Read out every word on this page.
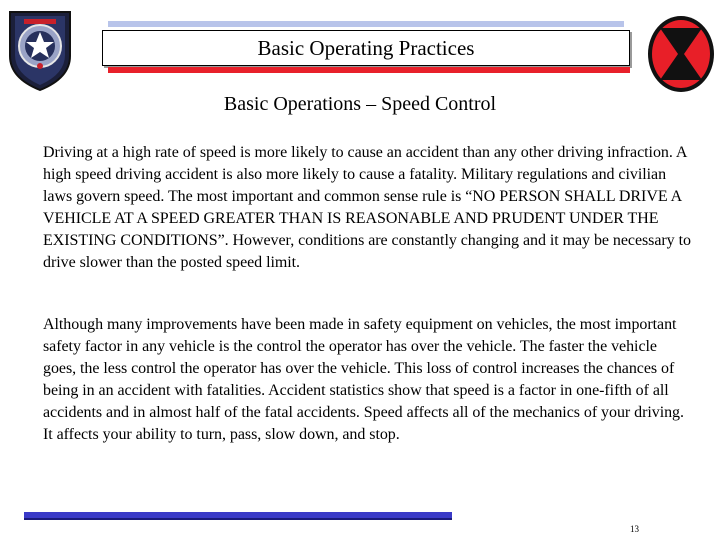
Basic Operating Practices
Basic Operations – Speed Control

Driving at a high rate of speed is more likely to cause an accident than any other driving infraction. A high speed driving accident is also more likely to cause a fatality. Military regulations and civilian laws govern speed. The most important and common sense rule is “NO PERSON SHALL DRIVE A VEHICLE AT A SPEED GREATER THAN IS REASONABLE AND PRUDENT UNDER THE EXISTING CONDITIONS”. However, conditions are constantly changing and it may be necessary to drive slower than the posted speed limit.

Although many improvements have been made in safety equipment on vehicles, the most important safety factor in any vehicle is the control the operator has over the vehicle. The faster the vehicle goes, the less control the operator has over the vehicle. This loss of control increases the chances of being in an accident with fatalities. Accident statistics show that speed is a factor in one-fifth of all accidents and in almost half of the fatal accidents. Speed affects all of the mechanics of your driving. It affects your ability to turn, pass, slow down, and stop.

13
